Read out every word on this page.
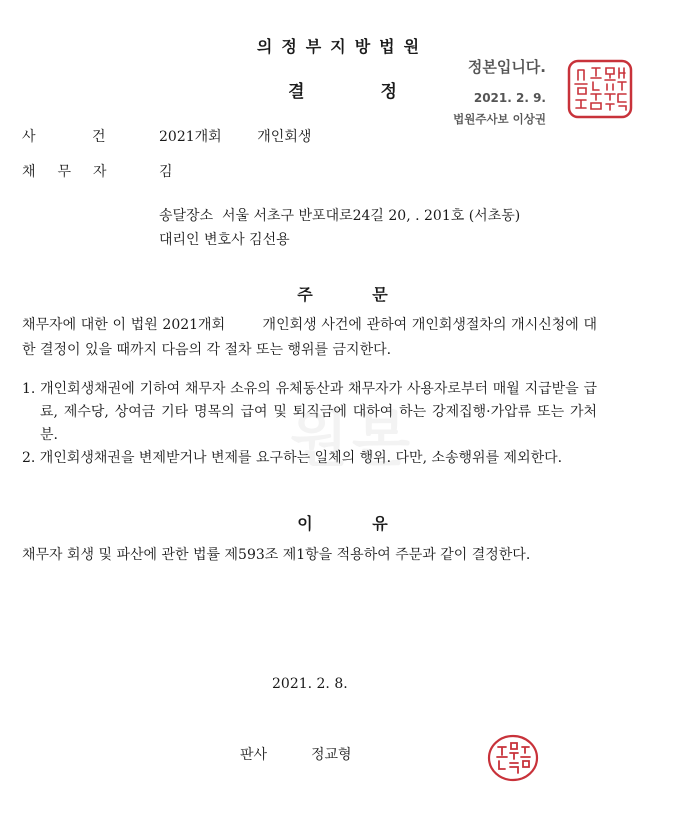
의정부지방법원
결 정
정본입니다.
2021. 2. 9.
법원주사보 이상권
사 건 2021개회        개인회생
채무자 김
송달장소  서울 서초구 반포대로24길 20, . 201호 (서초동)
대리인 변호사 김선용
주 문
채무자에 대한 이 법원 2021개회        개인회생 사건에 관하여 개인회생절차의 개시신청에 대한 결정이 있을 때까지 다음의 각 절차 또는 행위를 금지한다.
원본
1. 개인회생채권에 기하여 채무자 소유의 유체동산과 채무자가 사용자로부터 매월 지급받을 급료, 제수당, 상여금 기타 명목의 급여 및 퇴직금에 대하여 하는 강제집행·가압류 또는 가처분.
2. 개인회생채권을 변제받거나 변제를 요구하는 일체의 행위. 다만, 소송행위를 제외한다.
이 유
채무자 회생 및 파산에 관한 법률 제593조 제1항을 적용하여 주문과 같이 결정한다.
2021. 2. 8.
판사	정교형
